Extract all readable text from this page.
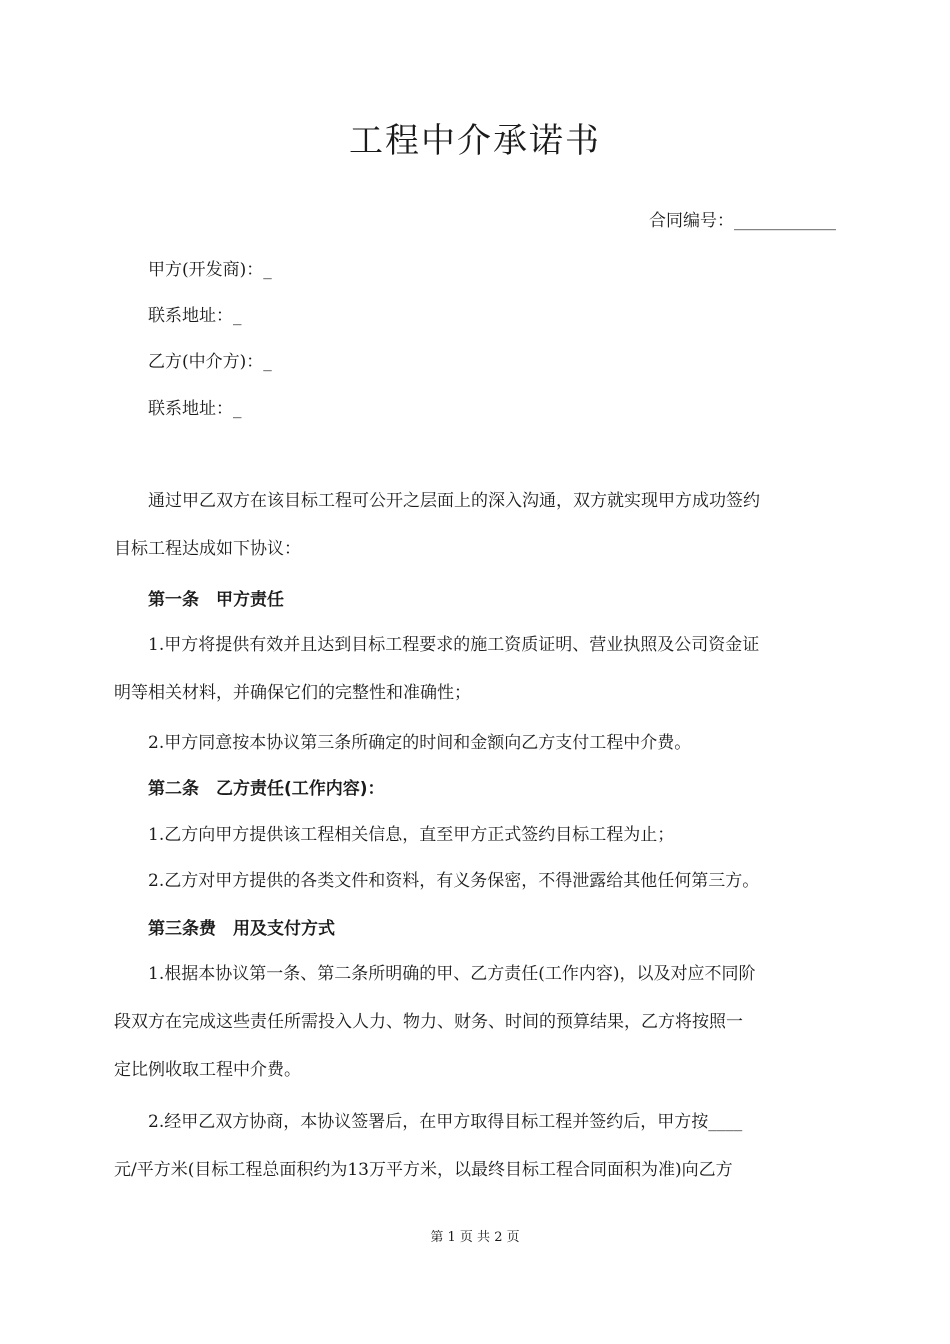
工程中介承诺书
合同编号：____________
甲方(开发商)：_
联系地址：_
乙方(中介方)：_
联系地址：_
通过甲乙双方在该目标工程可公开之层面上的深入沟通，双方就实现甲方成功签约
目标工程达成如下协议：
第一条　甲方责任
1.甲方将提供有效并且达到目标工程要求的施工资质证明、营业执照及公司资金证
明等相关材料，并确保它们的完整性和准确性；
2.甲方同意按本协议第三条所确定的时间和金额向乙方支付工程中介费。
第二条　乙方责任(工作内容)：
1.乙方向甲方提供该工程相关信息，直至甲方正式签约目标工程为止；
2.乙方对甲方提供的各类文件和资料，有义务保密，不得泄露给其他任何第三方。
第三条费　用及支付方式
1.根据本协议第一条、第二条所明确的甲、乙方责任(工作内容)，以及对应不同阶
段双方在完成这些责任所需投入人力、物力、财务、时间的预算结果，乙方将按照一
定比例收取工程中介费。
2.经甲乙双方协商，本协议签署后，在甲方取得目标工程并签约后，甲方按____
元/平方米(目标工程总面积约为13万平方米，以最终目标工程合同面积为准)向乙方
第 1 页 共 2 页
